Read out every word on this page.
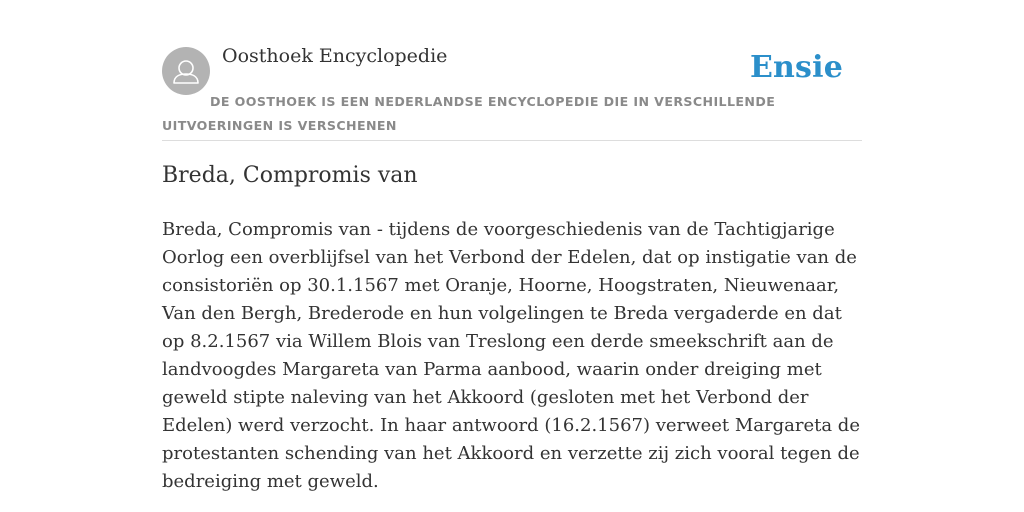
Oosthoek Encyclopedie	Ensie
DE OOSTHOEK IS EEN NEDERLANDSE ENCYCLOPEDIE DIE IN VERSCHILLENDE UITVOERINGEN IS VERSCHENEN
Breda, Compromis van

Breda, Compromis van - tijdens de voorgeschiedenis van de Tachtigjarige Oorlog een overblijfsel van het Verbond der Edelen, dat op instigatie van de consistoriën op 30.1.1567 met Oranje, Hoorne, Hoogstraten, Nieuwenaar, Van den Bergh, Brederode en hun volgelingen te Breda vergaderde en dat op 8.2.1567 via Willem Blois van Treslong een derde smeekschrift aan de landvoogdes Margareta van Parma aanbood, waarin onder dreiging met geweld stipte naleving van het Akkoord (gesloten met het Verbond der Edelen) werd verzocht. In haar antwoord (16.2.1567) verweet Margareta de protestanten schending van het Akkoord en verzette zij zich vooral tegen de bedreiging met geweld.
